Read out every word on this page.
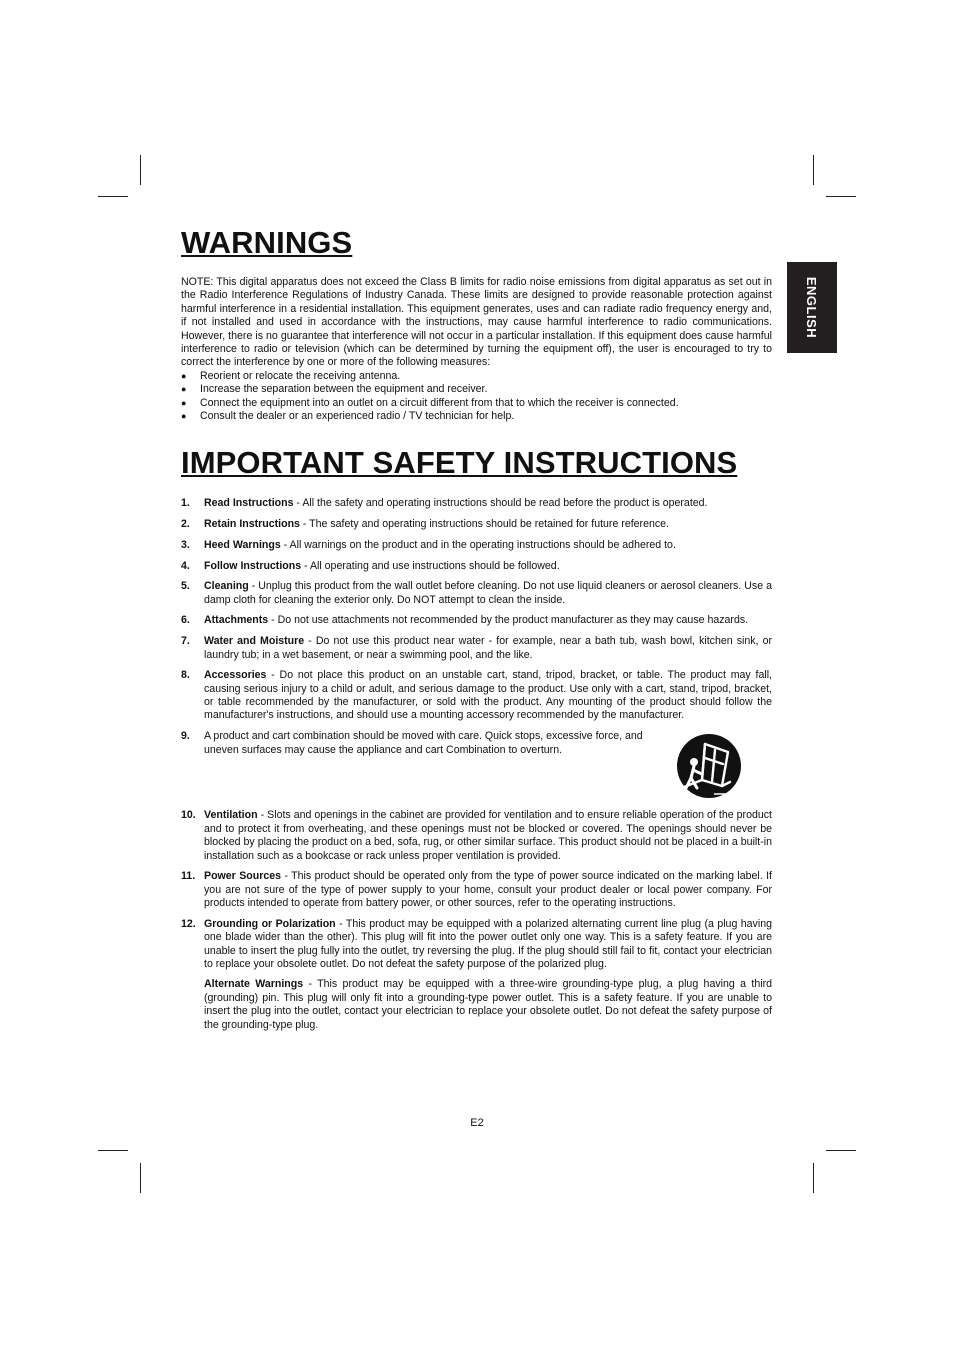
ENGLISH
WARNINGS

NOTE: This digital apparatus does not exceed the Class B limits for radio noise emissions from digital apparatus as set out in the Radio Interference Regulations of Industry Canada. These limits are designed to provide reasonable protection against harmful interference in a residential installation. This equipment generates, uses and can radiate radio frequency energy and, if not installed and used in accordance with the instructions, may cause harmful interference to radio communications. However, there is no guarantee that interference will not occur in a particular installation. If this equipment does cause harmful interference to radio or television (which can be determined by turning the equipment off), the user is encouraged to try to correct the interference by one or more of the following measures:

● Reorient or relocate the receiving antenna.
● Increase the separation between the equipment and receiver.
● Connect the equipment into an outlet on a circuit different from that to which the receiver is connected.
● Consult the dealer or an experienced radio / TV technician for help.
IMPORTANT SAFETY INSTRUCTIONS
1. Read Instructions - All the safety and operating instructions should be read before the product is operated.
2. Retain Instructions - The safety and operating instructions should be retained for future reference.
3. Heed Warnings - All warnings on the product and in the operating instructions should be adhered to.
4. Follow Instructions - All operating and use instructions should be followed.
5. Cleaning - Unplug this product from the wall outlet before cleaning. Do not use liquid cleaners or aerosol cleaners. Use a damp cloth for cleaning the exterior only. Do NOT attempt to clean the inside.
6. Attachments - Do not use attachments not recommended by the product manufacturer as they may cause hazards.
7. Water and Moisture - Do not use this product near water - for example, near a bath tub, wash bowl, kitchen sink, or laundry tub; in a wet basement, or near a swimming pool, and the like.
8. Accessories - Do not place this product on an unstable cart, stand, tripod, bracket, or table. The product may fall, causing serious injury to a child or adult, and serious damage to the product. Use only with a cart, stand, tripod, bracket, or table recommended by the manufacturer, or sold with the product. Any mounting of the product should follow the manufacturer's instructions, and should use a mounting accessory recommended by the manufacturer.
9. A product and cart combination should be moved with care. Quick stops, excessive force, and uneven surfaces may cause the appliance and cart Combination to overturn.
10. Ventilation - Slots and openings in the cabinet are provided for ventilation and to ensure reliable operation of the product and to protect it from overheating, and these openings must not be blocked or covered. The openings should never be blocked by placing the product on a bed, sofa, rug, or other similar surface. This product should not be placed in a built-in installation such as a bookcase or rack unless proper ventilation is provided.
11. Power Sources - This product should be operated only from the type of power source indicated on the marking label. If you are not sure of the type of power supply to your home, consult your product dealer or local power company. For products intended to operate from battery power, or other sources, refer to the operating instructions.
12. Grounding or Polarization - This product may be equipped with a polarized alternating current line plug (a plug having one blade wider than the other). This plug will fit into the power outlet only one way. This is a safety feature. If you are unable to insert the plug fully into the outlet, try reversing the plug. If the plug should still fail to fit, contact your electrician to replace your obsolete outlet. Do not defeat the safety purpose of the polarized plug.
Alternate Warnings - This product may be equipped with a three-wire grounding-type plug, a plug having a third (grounding) pin. This plug will only fit into a grounding-type power outlet. This is a safety feature. If you are unable to insert the plug into the outlet, contact your electrician to replace your obsolete outlet. Do not defeat the safety purpose of the grounding-type plug.
E2
